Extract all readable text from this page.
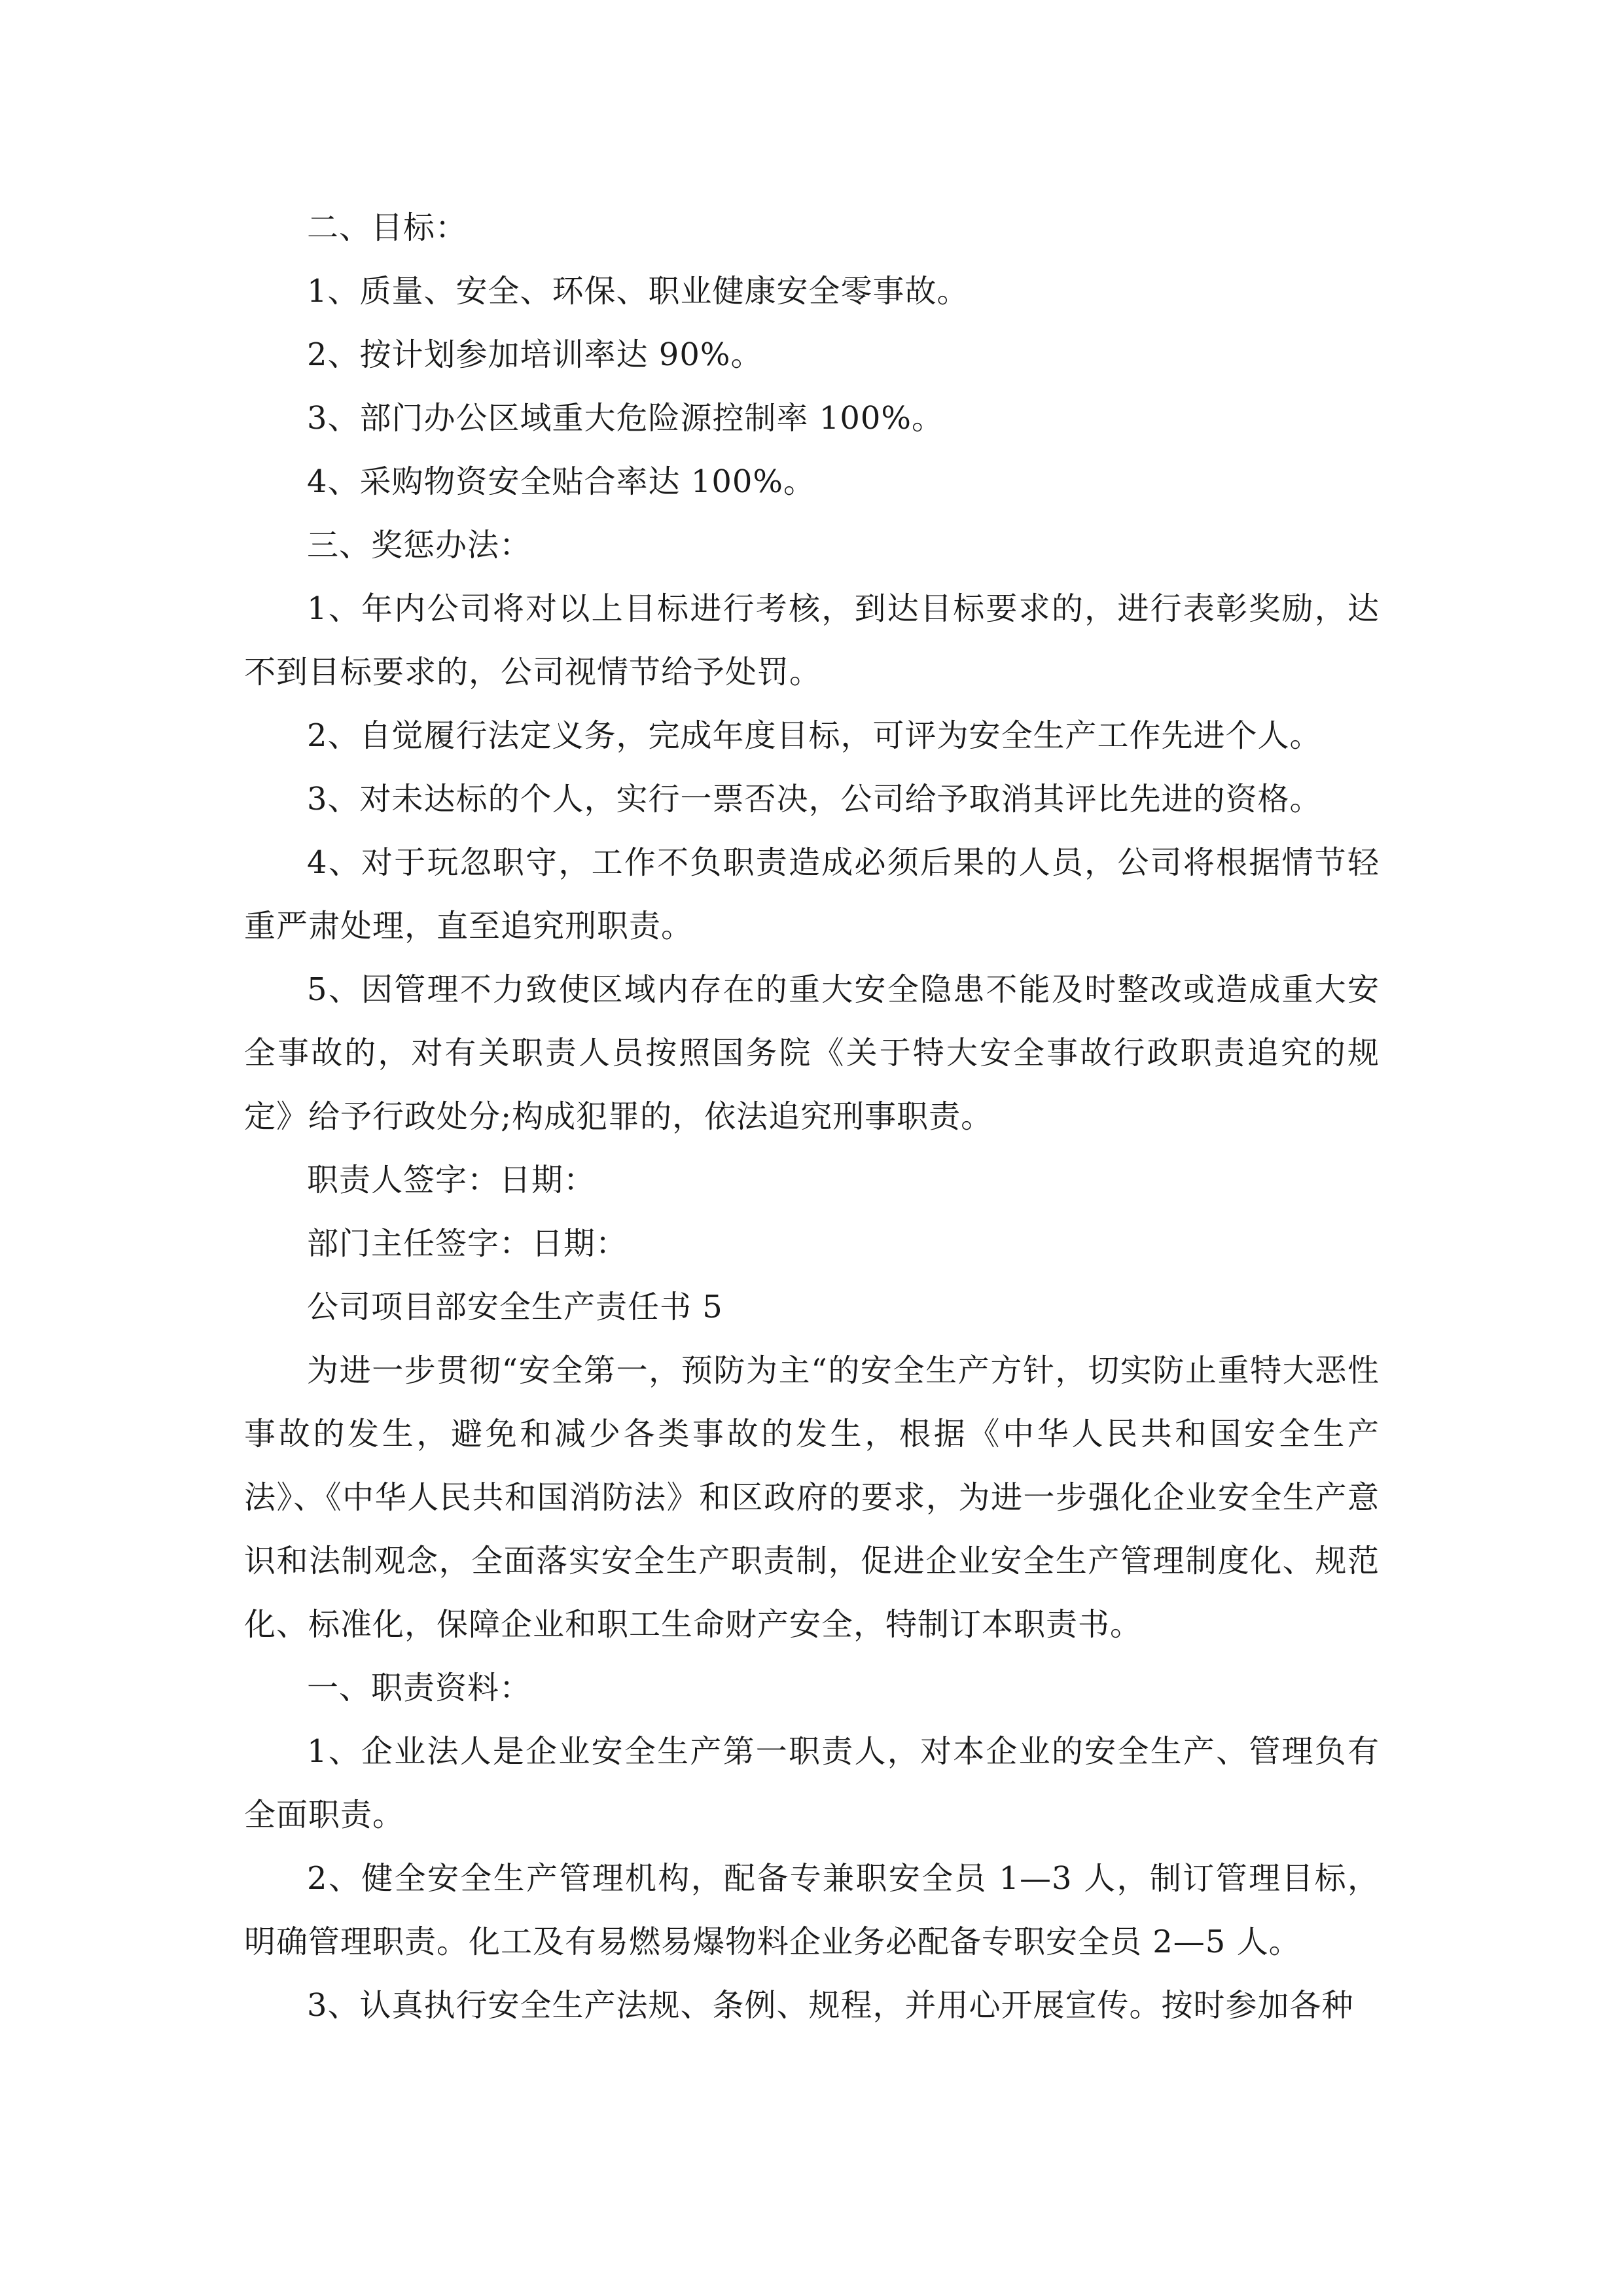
二、目标：

1、质量、安全、环保、职业健康安全零事故。

2、按计划参加培训率达 90%。

3、部门办公区域重大危险源控制率 100%。

4、采购物资安全贴合率达 100%。

三、奖惩办法：

1、年内公司将对以上目标进行考核，到达目标要求的，进行表彰奖励，达不到目标要求的，公司视情节给予处罚。

2、自觉履行法定义务，完成年度目标，可评为安全生产工作先进个人。

3、对未达标的个人，实行一票否决，公司给予取消其评比先进的资格。

4、对于玩忽职守，工作不负职责造成必须后果的人员，公司将根据情节轻重严肃处理，直至追究刑职责。

5、因管理不力致使区域内存在的重大安全隐患不能及时整改或造成重大安全事故的，对有关职责人员按照国务院《关于特大安全事故行政职责追究的规定》给予行政处分;构成犯罪的，依法追究刑事职责。

职责人签字：日期：

部门主任签字：日期：

公司项目部安全生产责任书 5

为进一步贯彻“安全第一，预防为主“的安全生产方针，切实防止重特大恶性事故的发生，避免和减少各类事故的发生，根据《中华人民共和国安全生产法》、《中华人民共和国消防法》和区政府的要求，为进一步强化企业安全生产意识和法制观念，全面落实安全生产职责制，促进企业安全生产管理制度化、规范化、标准化，保障企业和职工生命财产安全，特制订本职责书。

一、职责资料：

1、企业法人是企业安全生产第一职责人，对本企业的安全生产、管理负有全面职责。

2、健全安全生产管理机构，配备专兼职安全员 1—3 人，制订管理目标，明确管理职责。化工及有易燃易爆物料企业务必配备专职安全员 2—5 人。

3、认真执行安全生产法规、条例、规程，并用心开展宣传。按时参加各种
